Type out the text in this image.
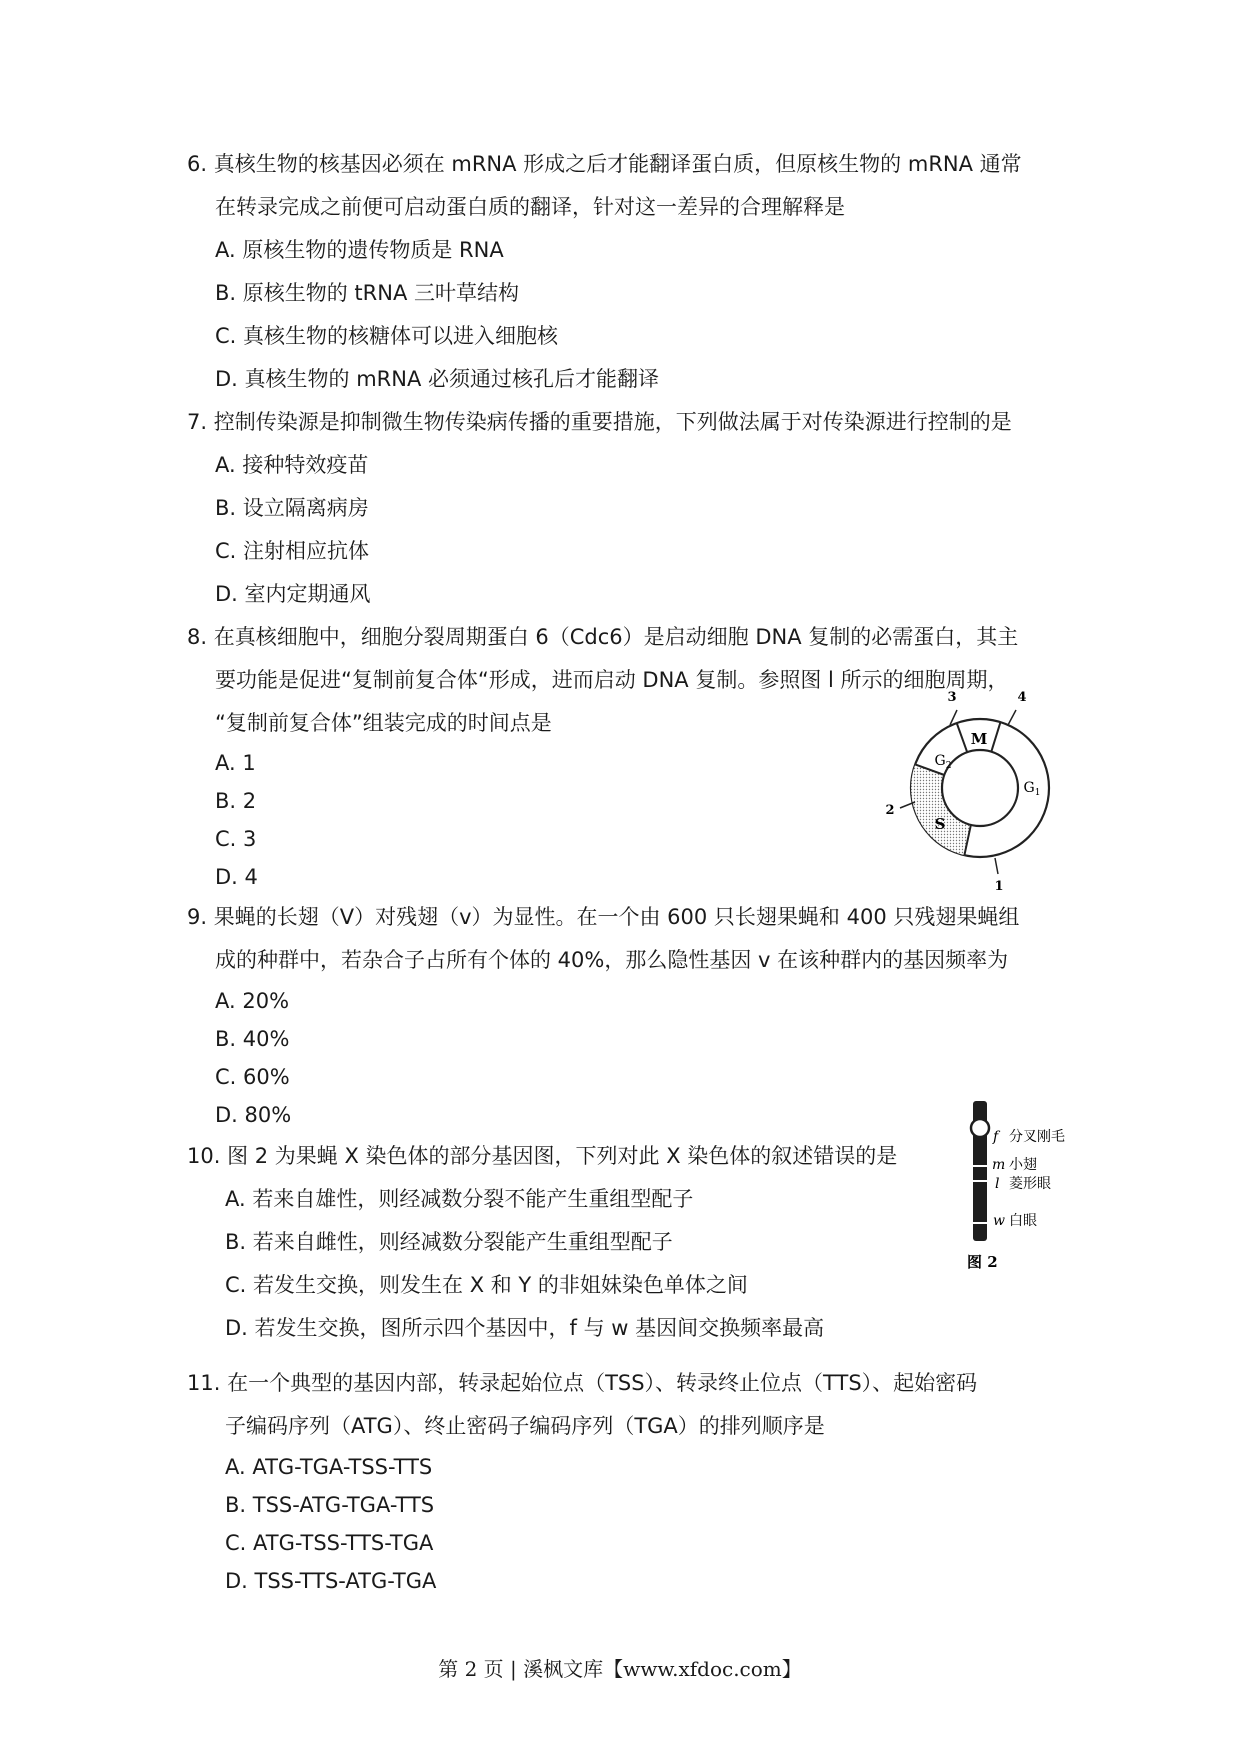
6. 真核生物的核基因必须在 mRNA 形成之后才能翻译蛋白质，但原核生物的 mRNA 通常
在转录完成之前便可启动蛋白质的翻译，针对这一差异的合理解释是
A. 原核生物的遗传物质是 RNA
B. 原核生物的 tRNA 三叶草结构
C. 真核生物的核糖体可以进入细胞核
D. 真核生物的 mRNA 必须通过核孔后才能翻译
7. 控制传染源是抑制微生物传染病传播的重要措施，下列做法属于对传染源进行控制的是
A. 接种特效疫苗
B. 设立隔离病房
C. 注射相应抗体
D. 室内定期通风
8. 在真核细胞中，细胞分裂周期蛋白 6（Cdc6）是启动细胞 DNA 复制的必需蛋白，其主
要功能是促进“复制前复合体“形成，进而启动 DNA 复制。参照图 l 所示的细胞周期，
“复制前复合体”组装完成的时间点是
A. 1
B. 2
C. 3
D. 4
M
$G_1$
$G_2$
S
3	4
2
1
9. 果蝇的长翅（V）对残翅（v）为显性。在一个由 600 只长翅果蝇和 400 只残翅果蝇组
成的种群中，若杂合子占所有个体的 40%，那么隐性基因 v 在该种群内的基因频率为
A. 20%
B. 40%
C. 60%
D. 80%
10. 图 2 为果蝇 X 染色体的部分基因图，下列对此 X 染色体的叙述错误的是
A. 若来自雄性，则经减数分裂不能产生重组型配子
B. 若来自雌性，则经减数分裂能产生重组型配子
C. 若发生交换，则发生在 X 和 Y 的非姐妹染色单体之间
D. 若发生交换，图所示四个基因中，f 与 w 基因间交换频率最高
f 分叉刚毛
m 小翅
l 菱形眼
w 白眼
图 2
11. 在一个典型的基因内部，转录起始位点（TSS）、转录终止位点（TTS）、起始密码
子编码序列（ATG）、终止密码子编码序列（TGA）的排列顺序是
A. ATG-TGA-TSS-TTS
B. TSS-ATG-TGA-TTS
C. ATG-TSS-TTS-TGA
D. TSS-TTS-ATG-TGA
第 2 页 | 溪枫文库【www.xfdoc.com】
